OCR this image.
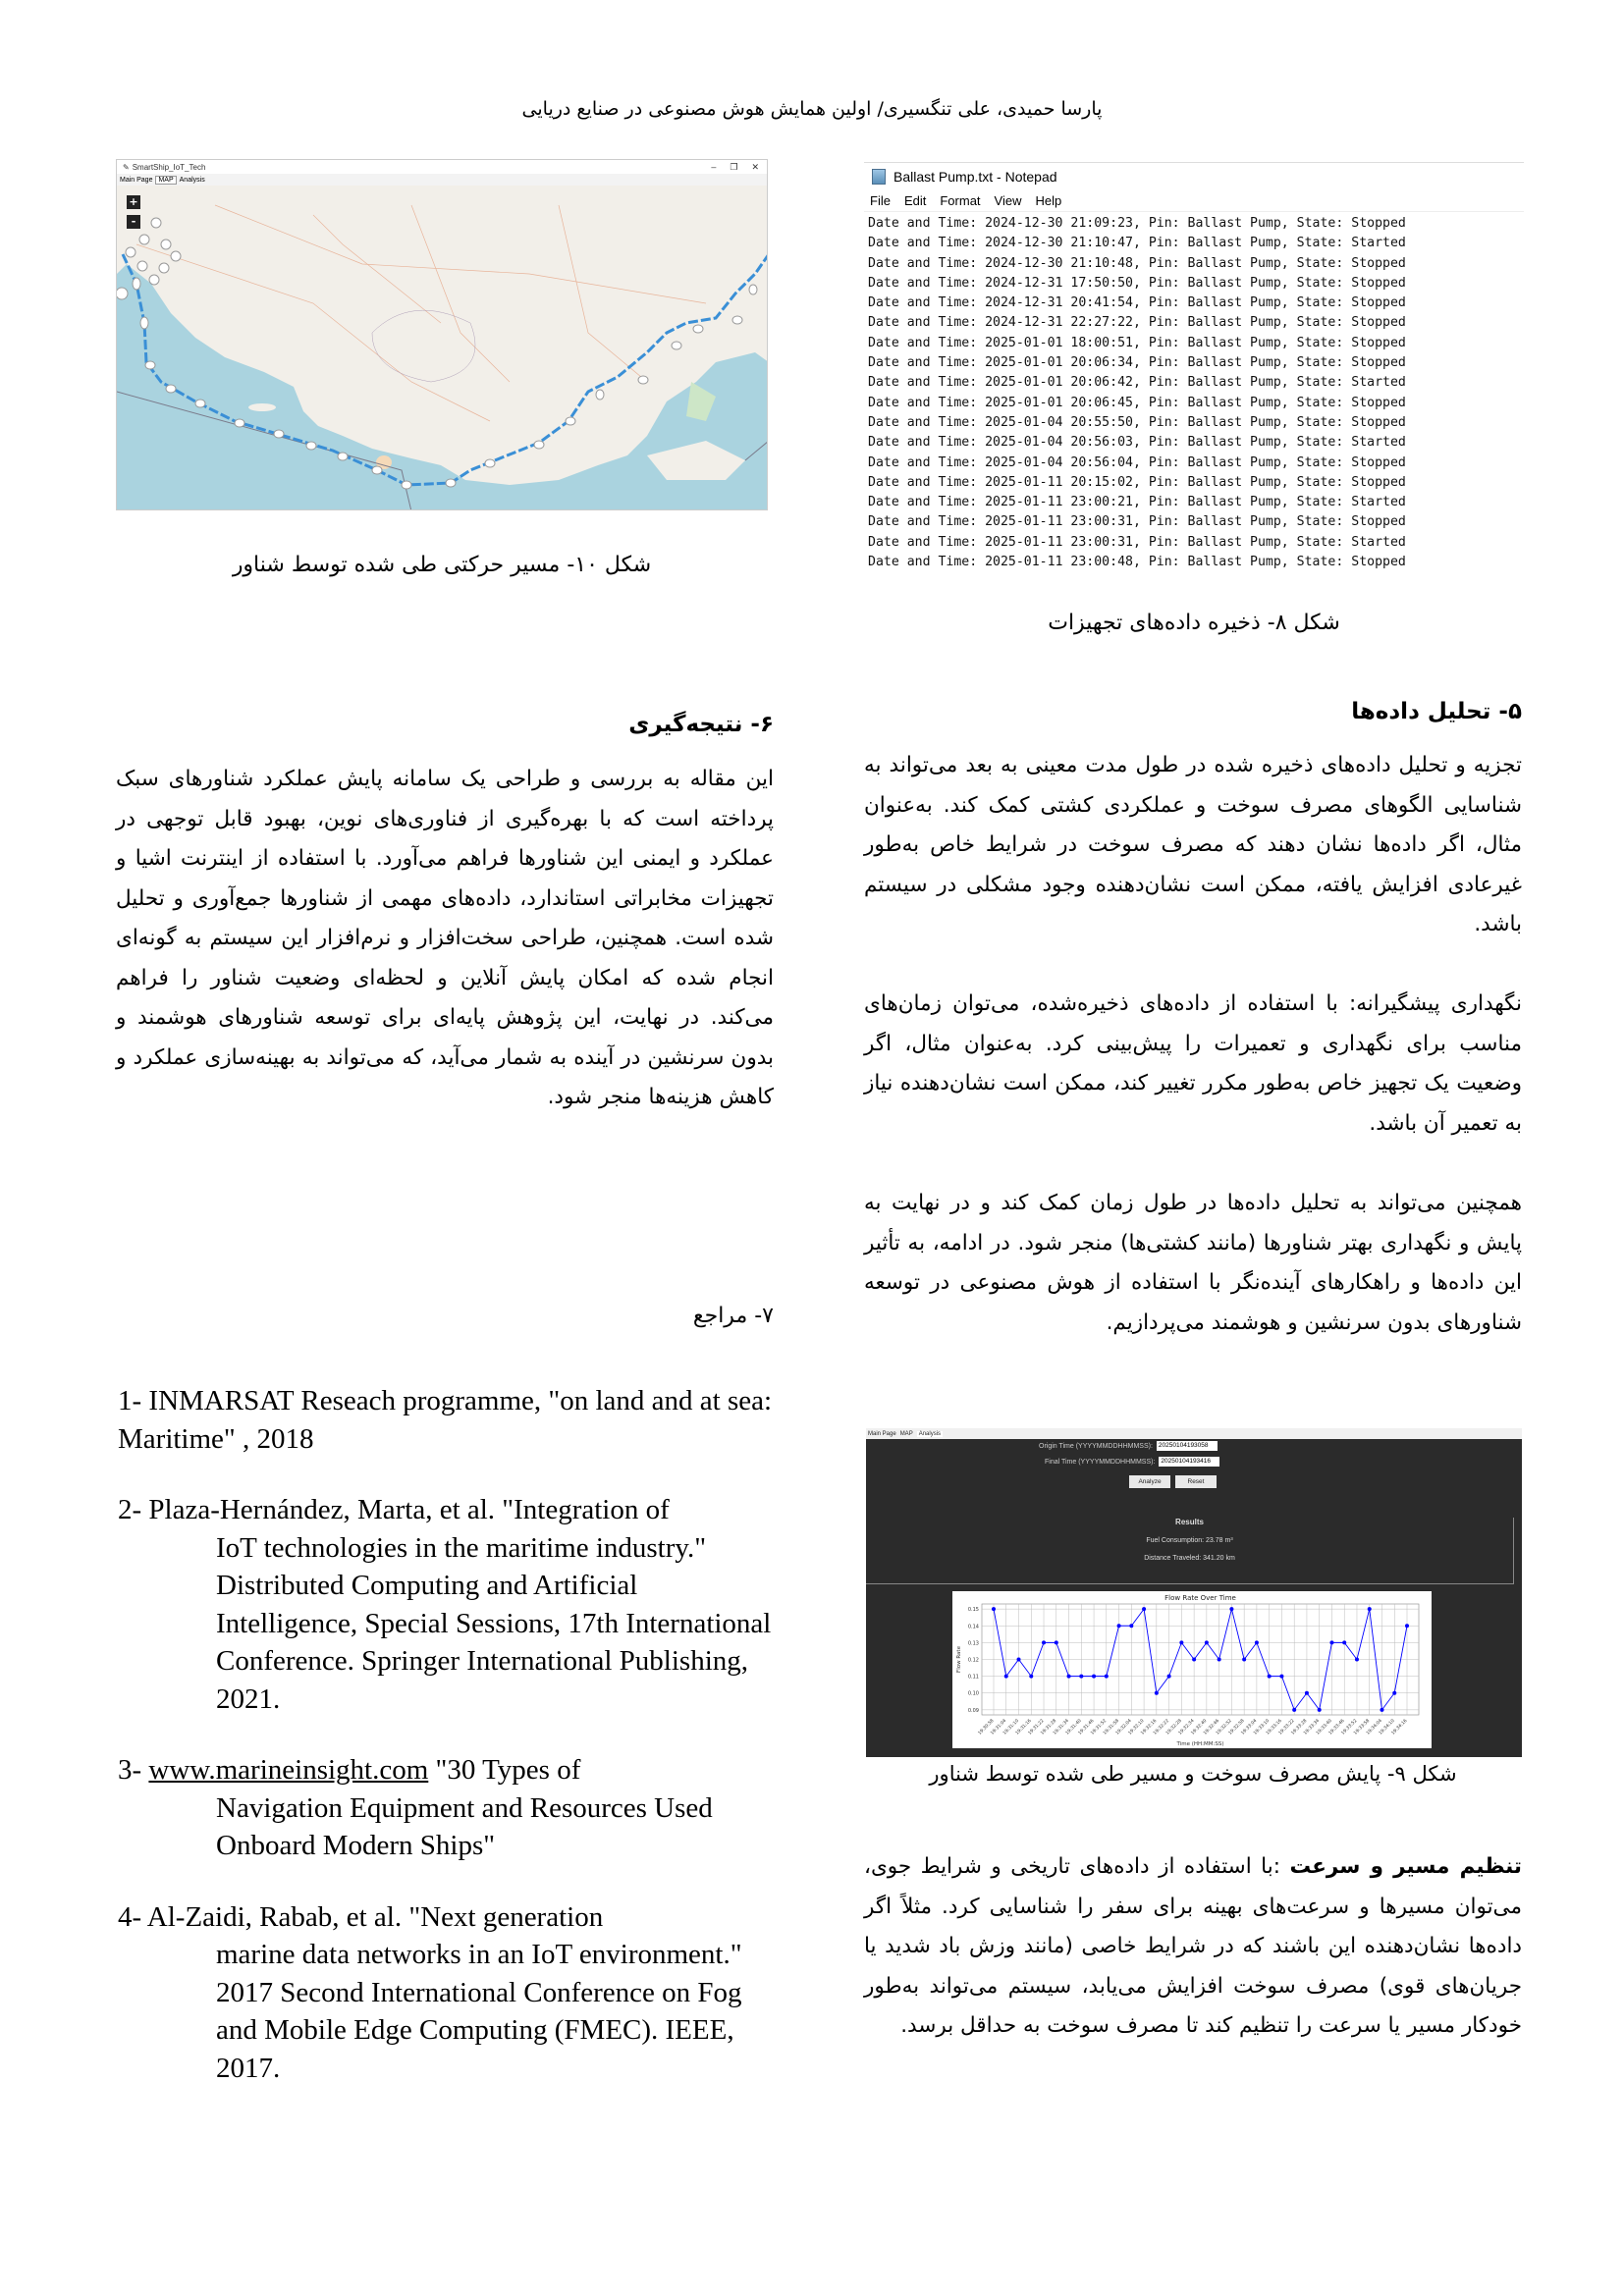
پارسا حمیدی، علی تنگسیری/ اولین همایش هوش مصنوعی در صنایع دریایی
✎ SmartShip_IoT_Tech	– ❐ ✕
Main Page MAP Analysis
+
-
شکل ۱۰- مسیر حرکتی طی شده توسط شناور
Ballast Pump.txt - Notepad
File Edit Format View Help
Date and Time: 2024-12-30 21:09:23, Pin: Ballast Pump, State: Stopped
Date and Time: 2024-12-30 21:10:47, Pin: Ballast Pump, State: Started
Date and Time: 2024-12-30 21:10:48, Pin: Ballast Pump, State: Stopped
Date and Time: 2024-12-31 17:50:50, Pin: Ballast Pump, State: Stopped
Date and Time: 2024-12-31 20:41:54, Pin: Ballast Pump, State: Stopped
Date and Time: 2024-12-31 22:27:22, Pin: Ballast Pump, State: Stopped
Date and Time: 2025-01-01 18:00:51, Pin: Ballast Pump, State: Stopped
Date and Time: 2025-01-01 20:06:34, Pin: Ballast Pump, State: Stopped
Date and Time: 2025-01-01 20:06:42, Pin: Ballast Pump, State: Started
Date and Time: 2025-01-01 20:06:45, Pin: Ballast Pump, State: Stopped
Date and Time: 2025-01-04 20:55:50, Pin: Ballast Pump, State: Stopped
Date and Time: 2025-01-04 20:56:03, Pin: Ballast Pump, State: Started
Date and Time: 2025-01-04 20:56:04, Pin: Ballast Pump, State: Stopped
Date and Time: 2025-01-11 20:15:02, Pin: Ballast Pump, State: Stopped
Date and Time: 2025-01-11 23:00:21, Pin: Ballast Pump, State: Started
Date and Time: 2025-01-11 23:00:31, Pin: Ballast Pump, State: Stopped
Date and Time: 2025-01-11 23:00:31, Pin: Ballast Pump, State: Started
Date and Time: 2025-01-11 23:00:48, Pin: Ballast Pump, State: Stopped
شکل ۸- ذخیره داده‌های تجهیزات
۵- تحلیل داده‌ها
تجزیه و تحلیل داده‌های ذخیره شده در طول مدت معینی به بعد می‌تواند به شناسایی الگوهای مصرف سوخت و عملکردی کشتی کمک کند. به‌عنوان مثال، اگر داده‌ها نشان دهند که مصرف سوخت در شرایط خاص به‌طور غیرعادی افزایش یافته، ممکن است نشان‌دهنده وجود مشکلی در سیستم باشد.
نگهداری پیشگیرانه: با استفاده از داده‌های ذخیره‌شده، می‌توان زمان‌های مناسب برای نگهداری و تعمیرات را پیش‌بینی کرد. به‌عنوان مثال، اگر وضعیت یک تجهیز خاص به‌طور مکرر تغییر کند، ممکن است نشان‌دهنده نیاز به تعمیر آن باشد.
همچنین می‌تواند به تحلیل داده‌ها در طول زمان کمک کند و در نهایت به پایش و نگهداری بهتر شناورها (مانند کشتی‌ها) منجر شود. در ادامه، به تأثیر این داده‌ها و راهکارهای آینده‌نگر با استفاده از هوش مصنوعی در توسعه شناورهای بدون سرنشین و هوشمند می‌پردازیم.
Main Page MAP	Analysis
Origin Time (YYYYMMDDHHMMSS): 20250104193058
Final Time (YYYYMMDDHHMMSS): 20250104193416
Analyze	Reset
Results
Fuel Consumption: 23.78 m³
Distance Traveled: 341.20 km
Flow Rate Over Time
0.09
0.10
0.11
0.12
0.13
0.14
0.15
19:30:58
19:31:04
19:31:10
19:31:16
19:31:22
19:31:28
19:31:34
19:31:40
19:31:46
19:31:52
19:31:58
19:32:04
19:32:10
19:32:16
19:32:22
19:32:28
19:32:34
19:32:40
19:32:46
19:32:52
19:32:58
19:33:04
19:33:10
19:33:16
19:33:22
19:33:28
19:33:34
19:33:40
19:33:46
19:33:52
19:33:58
19:34:04
19:34:10
19:34:16
Flow Rate
Time (HH:MM:SS)
شکل ۹- پایش مصرف سوخت و مسیر طی شده توسط شناور
تنظیم مسیر و سرعت :با استفاده از داده‌های تاریخی و شرایط جوی، می‌توان مسیرها و سرعت‌های بهینه برای سفر را شناسایی کرد. مثلاً اگر داده‌ها نشان‌دهنده این باشند که در شرایط خاصی (مانند وزش باد شدید یا جریان‌های قوی) مصرف سوخت افزایش می‌یابد، سیستم می‌تواند به‌طور خودکار مسیر یا سرعت را تنظیم کند تا مصرف سوخت به حداقل برسد.
۶- نتیجه‌گیری
این مقاله به بررسی و طراحی یک سامانه پایش عملکرد شناورهای سبک پرداخته است که با بهره‌گیری از فناوری‌های نوین، بهبود قابل توجهی در عملکرد و ایمنی این شناورها فراهم می‌آورد. با استفاده از اینترنت اشیا و تجهیزات مخابراتی استاندارد، داده‌های مهمی از شناورها جمع‌آوری و تحلیل شده است. همچنین، طراحی سخت‌افزار و نرم‌افزار این سیستم به گونه‌ای انجام شده که امکان پایش آنلاین و لحظه‌ای وضعیت شناور را فراهم می‌کند. در نهایت، این پژوهش پایه‌ای برای توسعه شناورهای هوشمند و بدون سرنشین در آینده به شمار می‌آید، که می‌تواند به بهینه‌سازی عملکرد و کاهش هزینه‌ها منجر شود.
۷- مراجع
1- INMARSAT Reseach programme, "on land and at sea: Maritime" , 2018
2- Plaza-Hernández, Marta, et al. "Integration of
IoT technologies in the maritime industry." Distributed Computing and Artificial Intelligence, Special Sessions, 17th International Conference. Springer International Publishing, 2021.
3- www.marineinsight.com "30 Types of
Navigation Equipment and Resources Used Onboard Modern Ships"
4- Al-Zaidi, Rabab, et al. "Next generation
marine data networks in an IoT environment." 2017 Second International Conference on Fog and Mobile Edge Computing (FMEC). IEEE, 2017.
